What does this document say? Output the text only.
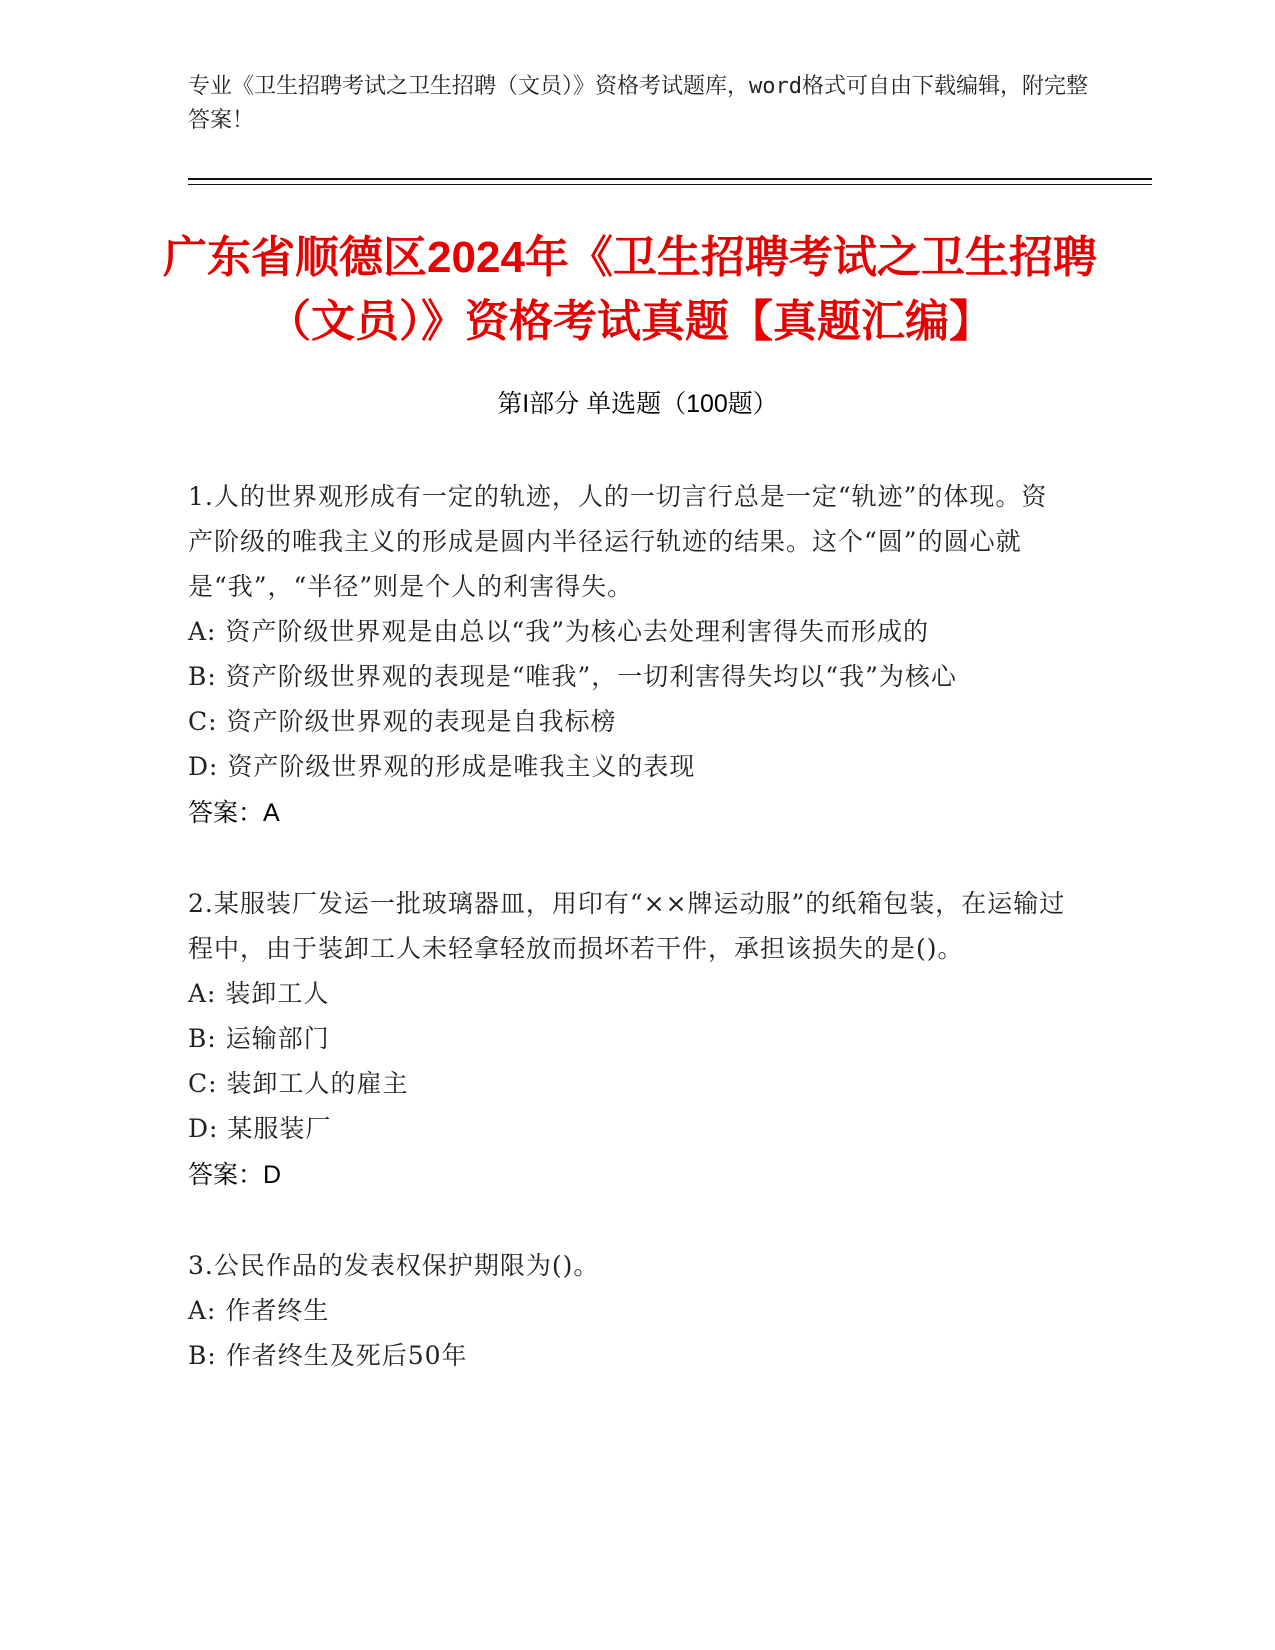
专业《卫生招聘考试之卫生招聘（文员）》资格考试题库，word格式可自由下载编辑，附完整答案！
广东省顺德区2024年《卫生招聘考试之卫生招聘（文员）》资格考试真题【真题汇编】
第I部分 单选题（100题）

1.人的世界观形成有一定的轨迹，人的一切言行总是一定“轨迹”的体现。资产阶级的唯我主义的形成是圆内半径运行轨迹的结果。这个“圆”的圆心就是“我”，“半径”则是个人的利害得失。

A: 资产阶级世界观是由总以“我”为核心去处理利害得失而形成的

B: 资产阶级世界观的表现是“唯我”，一切利害得失均以“我”为核心

C: 资产阶级世界观的表现是自我标榜

D: 资产阶级世界观的形成是唯我主义的表现

答案：A

2.某服装厂发运一批玻璃器皿，用印有“××牌运动服”的纸箱包装，在运输过程中，由于装卸工人未轻拿轻放而损坏若干件，承担该损失的是()。

A: 装卸工人

B: 运输部门

C: 装卸工人的雇主

D: 某服装厂

答案：D

3.公民作品的发表权保护期限为()。

A: 作者终生

B: 作者终生及死后50年
